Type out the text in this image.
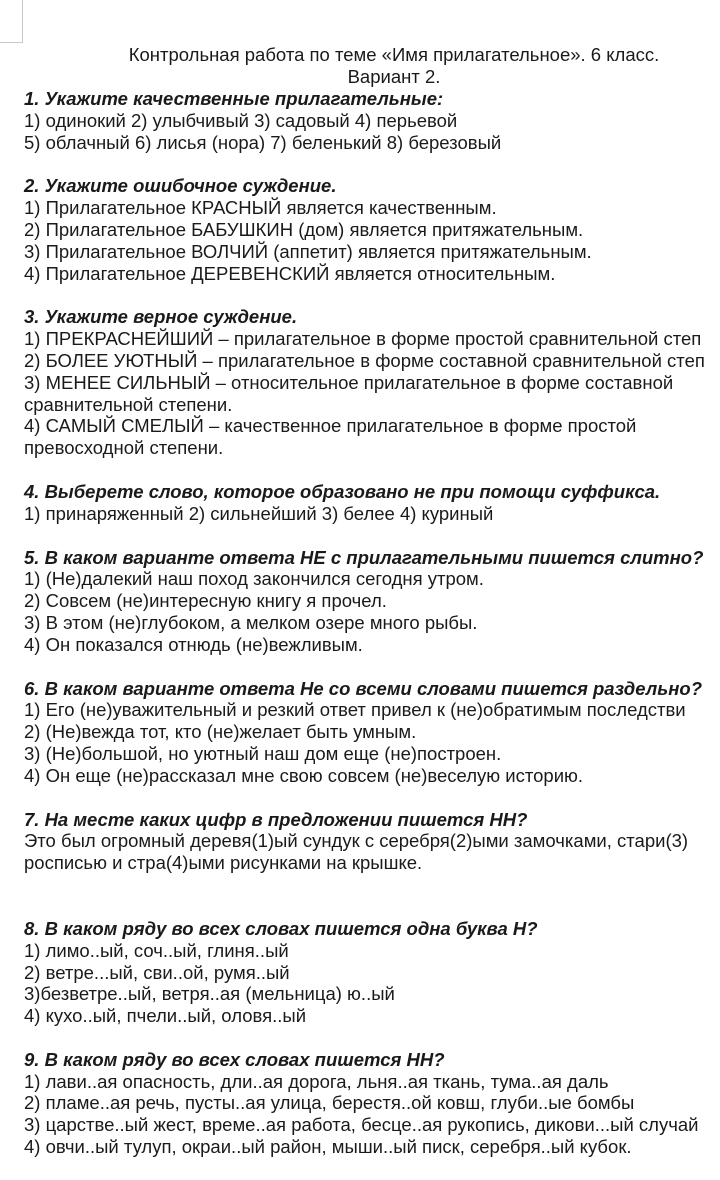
Контрольная работа по теме «Имя прилагательное». 6 класс.
Вариант 2.
1. Укажите качественные прилагательные:
1) одинокий 2) улыбчивый 3) садовый 4) перьевой
5) облачный 6) лисья (нора) 7) беленький 8) березовый
2. Укажите ошибочное суждение.
1) Прилагательное КРАСНЫЙ является качественным.
2) Прилагательное БАБУШКИН (дом) является притяжательным.
3) Прилагательное ВОЛЧИЙ (аппетит) является притяжательным.
4) Прилагательное ДЕРЕВЕНСКИЙ является относительным.
3. Укажите верное суждение.
1) ПРЕКРАСНЕЙШИЙ – прилагательное в форме простой сравнительной степ
2) БОЛЕЕ УЮТНЫЙ – прилагательное в форме составной сравнительной степ
3) МЕНЕЕ СИЛЬНЫЙ – относительное прилагательное в форме составной
сравнительной степени.
4) САМЫЙ СМЕЛЫЙ – качественное прилагательное в форме простой
превосходной степени.
4. Выберете слово, которое образовано не при помощи суффикса.
1) принаряженный 2) сильнейший 3) белее 4) куриный
5. В каком варианте ответа НЕ с прилагательными пишется слитно?
1) (Не)далекий наш поход закончился сегодня утром.
2) Совсем (не)интересную книгу я прочел.
3) В этом (не)глубоком, а мелком озере много рыбы.
4) Он показался отнюдь (не)вежливым.
6. В каком варианте ответа Не со всеми словами пишется раздельно?
1) Его (не)уважительный и резкий ответ привел к (не)обратимым последстви
2) (Не)вежда тот, кто (не)желает быть умным.
3) (Не)большой, но уютный наш дом еще (не)построен.
4) Он еще (не)рассказал мне свою совсем (не)веселую историю.
7. На месте каких цифр в предложении пишется НН?
Это был огромный деревя(1)ый сундук с серебря(2)ыми замочками, стари(3)
росписью и стра(4)ыми рисунками на крышке.
8. В каком ряду во всех словах пишется одна буква Н?
1) лимо..ый, соч..ый, глиня..ый
2) ветре...ый, сви..ой, румя..ый
3)безветре..ый, ветря..ая (мельница) ю..ый
4) кухо..ый, пчели..ый, оловя..ый
9. В каком ряду во всех словах пишется НН?
1) лави..ая опасность, дли..ая дорога, льня..ая ткань, тума..ая даль
2) пламе..ая речь, пусты..ая улица, берестя..ой ковш, глуби..ые бомбы
3) царстве..ый жест, време..ая работа, бесце..ая рукопись, дикови...ый случай
4) овчи..ый тулуп, окраи..ый район, мыши..ый писк, серебря..ый кубок.
